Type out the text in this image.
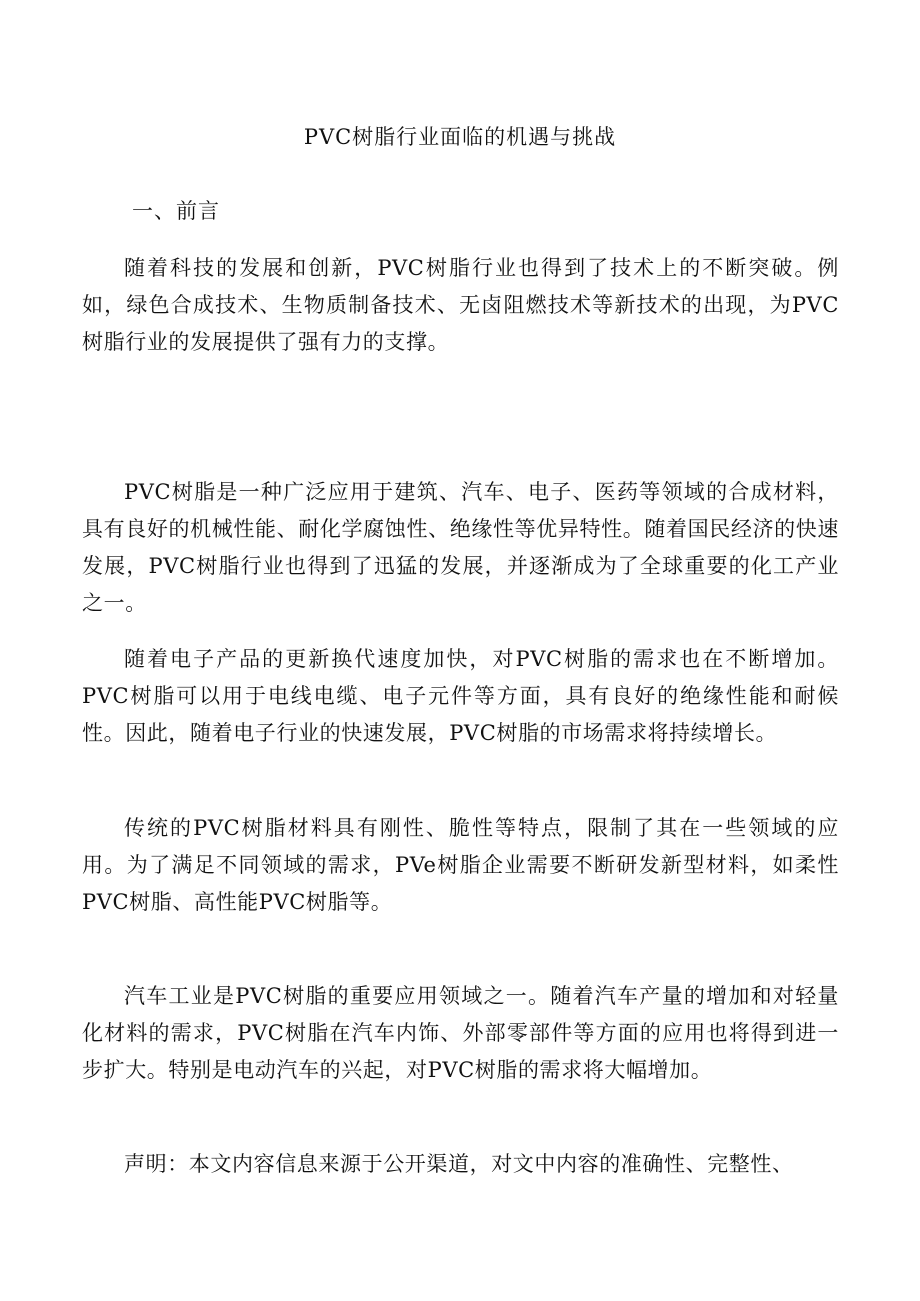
PVC树脂行业面临的机遇与挑战
一、前言

随着科技的发展和创新，PVC树脂行业也得到了技术上的不断突破。例如，绿色合成技术、生物质制备技术、无卤阻燃技术等新技术的出现，为PVC树脂行业的发展提供了强有力的支撑。

PVC树脂是一种广泛应用于建筑、汽车、电子、医药等领域的合成材料，具有良好的机械性能、耐化学腐蚀性、绝缘性等优异特性。随着国民经济的快速发展，PVC树脂行业也得到了迅猛的发展，并逐渐成为了全球重要的化工产业之一。

随着电子产品的更新换代速度加快，对PVC树脂的需求也在不断增加。PVC树脂可以用于电线电缆、电子元件等方面，具有良好的绝缘性能和耐候性。因此，随着电子行业的快速发展，PVC树脂的市场需求将持续增长。

传统的PVC树脂材料具有刚性、脆性等特点，限制了其在一些领域的应用。为了满足不同领域的需求，PVe树脂企业需要不断研发新型材料，如柔性PVC树脂、高性能PVC树脂等。

汽车工业是PVC树脂的重要应用领域之一。随着汽车产量的增加和对轻量化材料的需求，PVC树脂在汽车内饰、外部零部件等方面的应用也将得到进一步扩大。特别是电动汽车的兴起，对PVC树脂的需求将大幅增加。

声明：本文内容信息来源于公开渠道，对文中内容的准确性、完整性、
